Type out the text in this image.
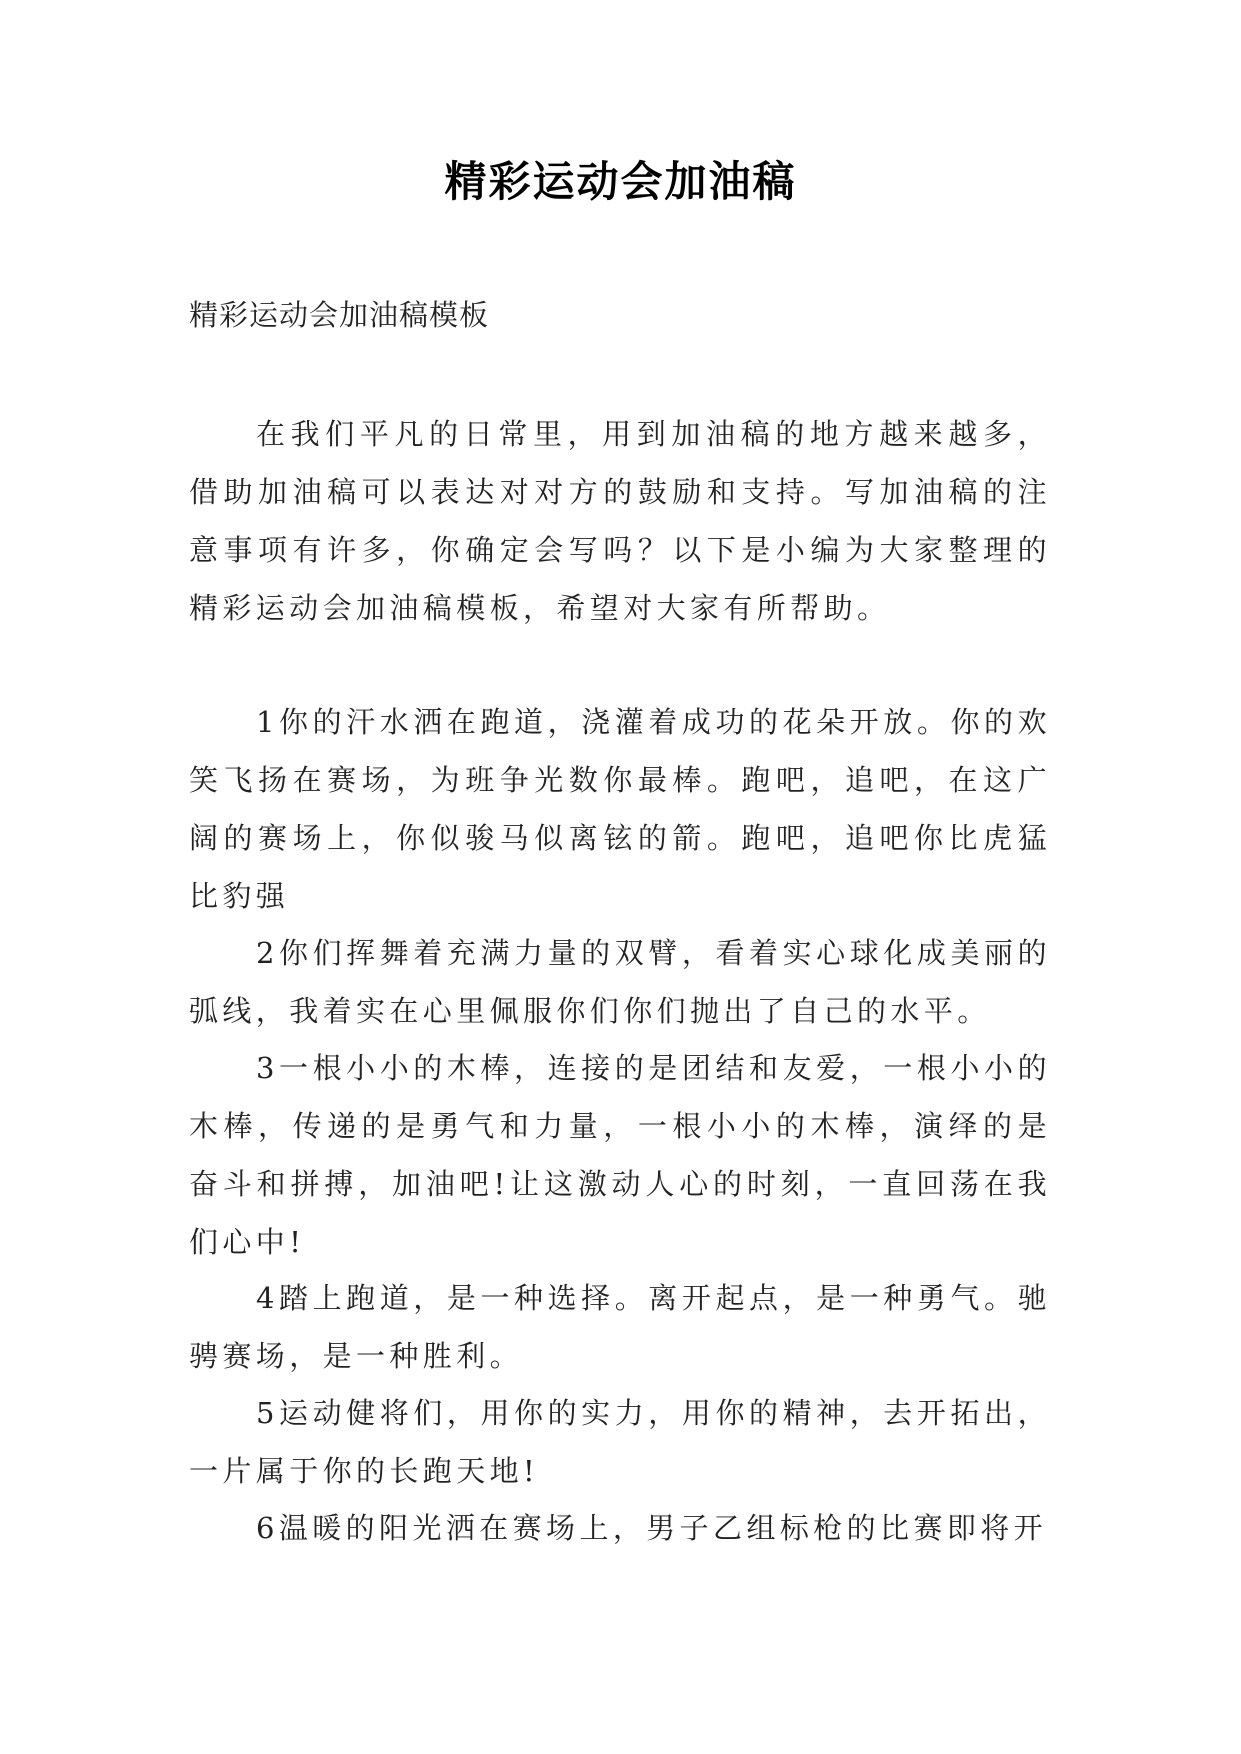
精彩运动会加油稿

精彩运动会加油稿模板

在我们平凡的日常里，用到加油稿的地方越来越多，借助加油稿可以表达对对方的鼓励和支持。写加油稿的注意事项有许多，你确定会写吗？以下是小编为大家整理的精彩运动会加油稿模板，希望对大家有所帮助。

1你的汗水洒在跑道，浇灌着成功的花朵开放。你的欢笑飞扬在赛场，为班争光数你最棒。跑吧，追吧，在这广阔的赛场上，你似骏马似离铉的箭。跑吧，追吧你比虎猛比豹强

2你们挥舞着充满力量的双臂，看着实心球化成美丽的弧线，我着实在心里佩服你们你们抛出了自己的水平。

3一根小小的木棒，连接的是团结和友爱，一根小小的木棒，传递的是勇气和力量，一根小小的木棒，演绎的是奋斗和拼搏，加油吧!让这激动人心的时刻，一直回荡在我们心中!

4踏上跑道，是一种选择。离开起点，是一种勇气。驰骋赛场，是一种胜利。

5运动健将们，用你的实力，用你的精神，去开拓出，一片属于你的长跑天地!

6温暖的阳光洒在赛场上，男子乙组标枪的比赛即将开
